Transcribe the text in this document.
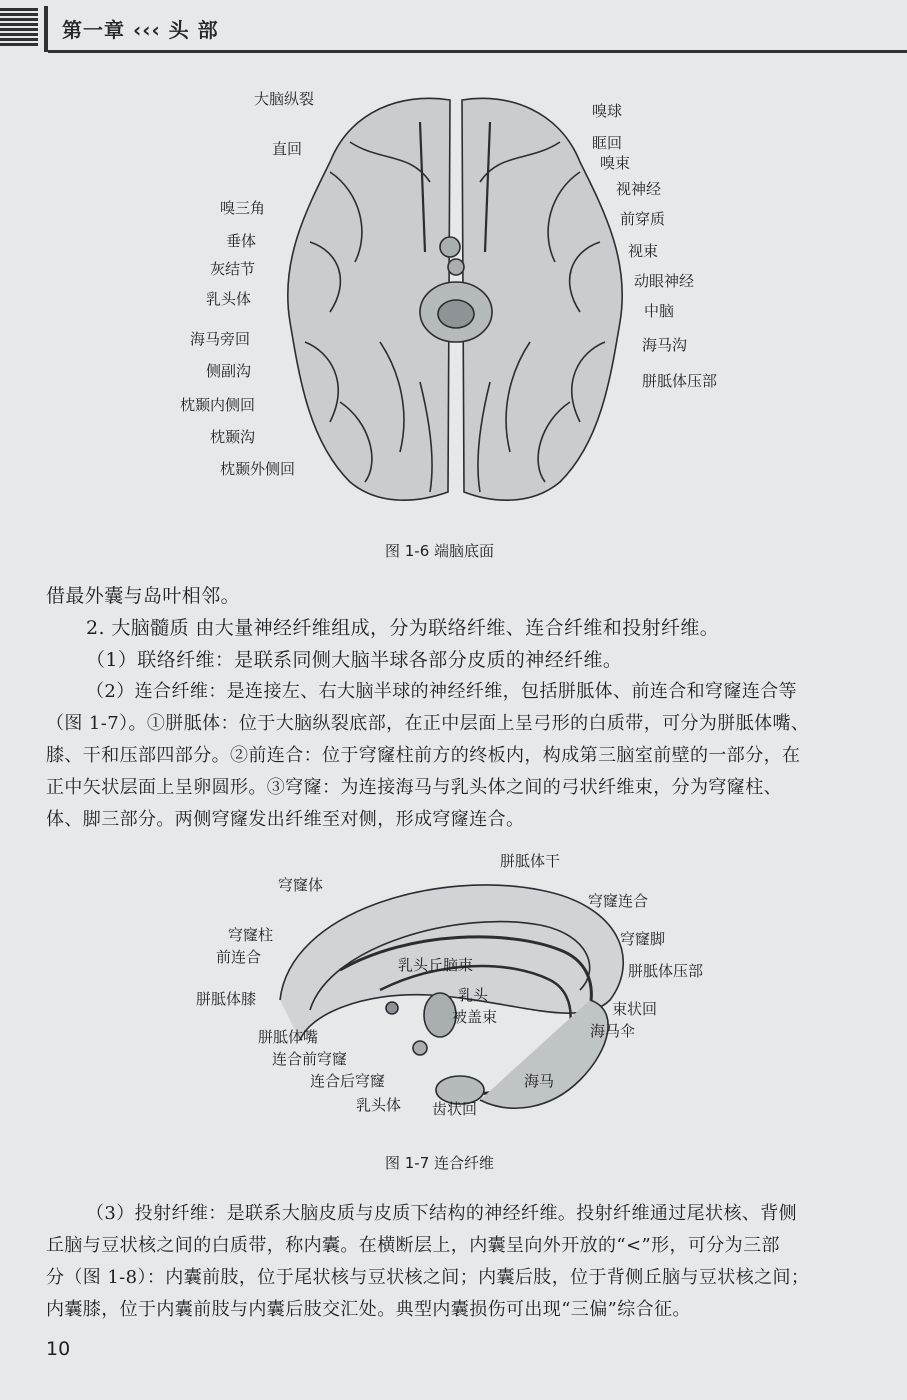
第一章 ‹‹‹ 头 部
大脑纵裂
直回
嗅三角
垂体
灰结节
乳头体
海马旁回
侧副沟
枕颞内侧回
枕颞沟
枕颞外侧回
嗅球
眶回
嗅束
视神经
前穿质
视束
动眼神经
中脑
海马沟
胼胝体压部
图 1-6 端脑底面
借最外囊与岛叶相邻。
2. 大脑髓质 由大量神经纤维组成，分为联络纤维、连合纤维和投射纤维。
（1）联络纤维：是联系同侧大脑半球各部分皮质的神经纤维。
（2）连合纤维：是连接左、右大脑半球的神经纤维，包括胼胝体、前连合和穹窿连合等
（图 1-7）。①胼胝体：位于大脑纵裂底部，在正中层面上呈弓形的白质带，可分为胼胝体嘴、
膝、干和压部四部分。②前连合：位于穹窿柱前方的终板内，构成第三脑室前壁的一部分，在
正中矢状层面上呈卵圆形。③穹窿：为连接海马与乳头体之间的弓状纤维束，分为穹窿柱、
体、脚三部分。两侧穹窿发出纤维至对侧，形成穹窿连合。
胼胝体干
穹窿体
穹窿连合
穹窿柱	穹窿脚
前连合	乳头丘脑束	胼胝体压部
胼胝体膝	乳头
被盖束	束状回
海马伞
胼胝体嘴
连合前穹窿
海马
连合后穹窿
乳头体 齿状回
图 1-7 连合纤维
（3）投射纤维：是联系大脑皮质与皮质下结构的神经纤维。投射纤维通过尾状核、背侧
丘脑与豆状核之间的白质带，称内囊。在横断层上，内囊呈向外开放的“<”形，可分为三部
分（图 1-8）：内囊前肢，位于尾状核与豆状核之间；内囊后肢，位于背侧丘脑与豆状核之间；
内囊膝，位于内囊前肢与内囊后肢交汇处。典型内囊损伤可出现“三偏”综合征。
10
